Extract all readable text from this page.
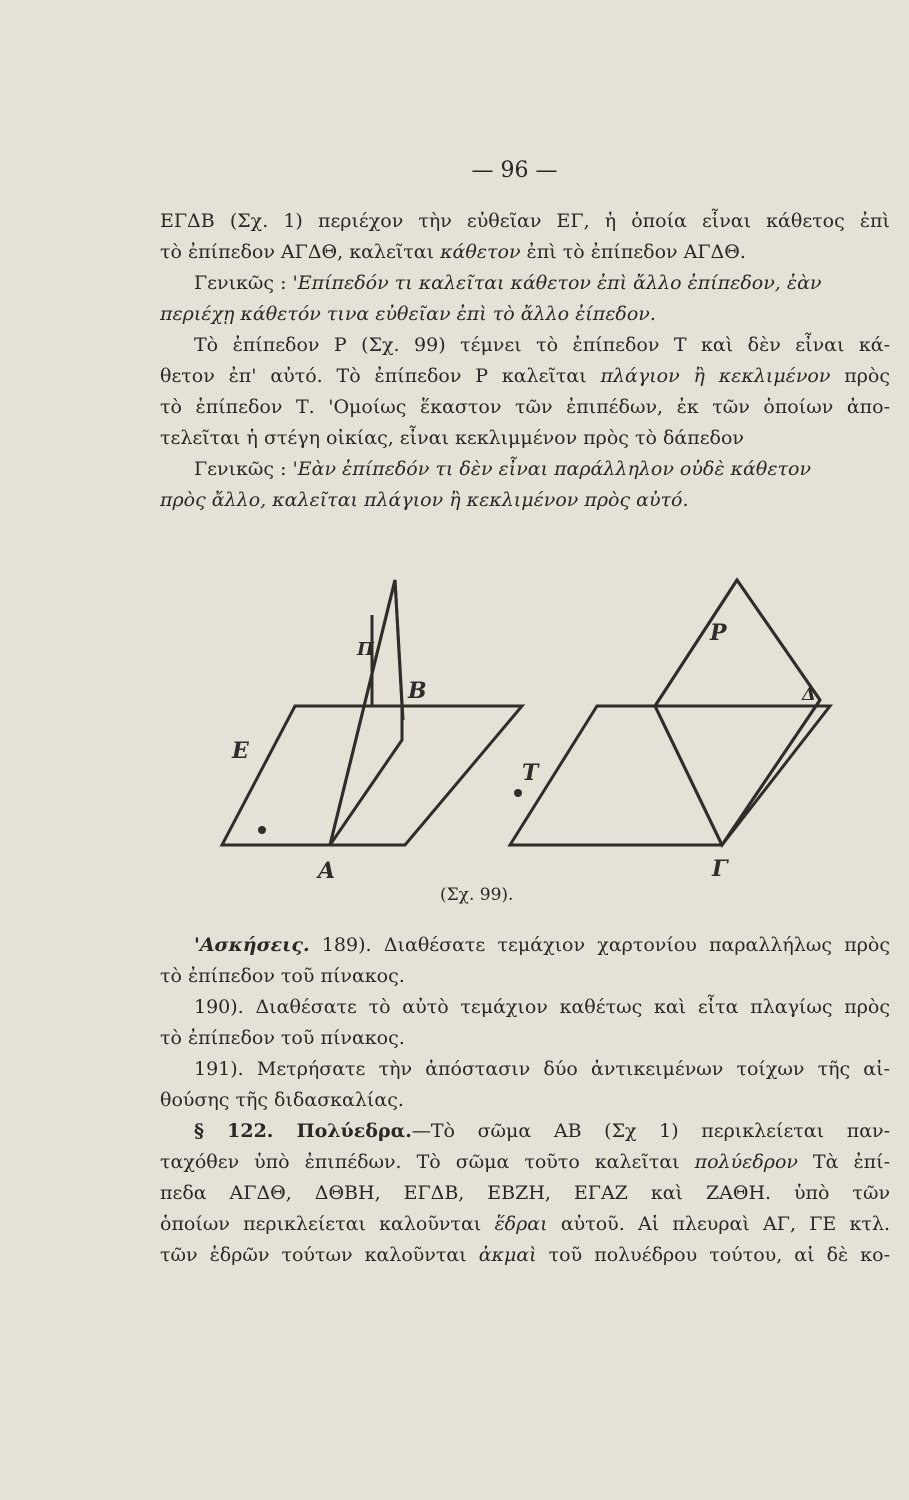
— 96 —
ΕΓΔΒ (Σχ. 1) περιέχον τὴν εὐθεῖαν ΕΓ, ἡ ὁποία εἶναι κάθετος ἐπὶ
τὸ ἐπίπεδον ΑΓΔΘ, καλεῖται κάθετον ἐπὶ τὸ ἐπίπεδον ΑΓΔΘ.
Γενικῶς : 'Επίπεδόν τι καλεῖται κάθετον ἐπὶ ἄλλο ἐπίπεδον, ἐὰν
περιέχῃ κάθετόν τινα εὐθεῖαν ἐπὶ τὸ ἄλλο ἐίπεδον.
Τὸ ἐπίπεδον Ρ (Σχ. 99) τέμνει τὸ ἐπίπεδον Τ καὶ δὲν εἶναι κά-
θετον ἐπ' αὐτό. Τὸ ἐπίπεδον Ρ καλεῖται πλάγιον ἢ κεκλιμένον πρὸς
τὸ ἐπίπεδον Τ. 'Ομοίως ἕκαστον τῶν ἐπιπέδων, ἐκ τῶν ὁποίων ἀπο-
τελεῖται ἡ στέγη οἰκίας, εἶναι κεκλιμμένον πρὸς τὸ δάπεδον
Γενικῶς : 'Εὰν ἐπίπεδόν τι δὲν εἶναι παράλληλον οὐδὲ κάθετον
πρὸς ἄλλο, καλεῖται πλάγιον ἢ κεκλιμένον πρὸς αὐτό.
Ε
Π
Β
Α
Τ
Ρ
Δ
Γ
(Σχ. 99).
'Ασκήσεις. 189). Διαθέσατε τεμάχιον χαρτονίου παραλλήλως πρὸς
τὸ ἐπίπεδον τοῦ πίνακος.
190). Διαθέσατε τὸ αὐτὸ τεμάχιον καθέτως καὶ εἶτα πλαγίως πρὸς
τὸ ἐπίπεδον τοῦ πίνακος.
191). Μετρήσατε τὴν ἀπόστασιν δύο ἀντικειμένων τοίχων τῆς αἰ-
θούσης τῆς διδασκαλίας.
§ 122. Πολύεδρα.—Τὸ σῶμα ΑΒ (Σχ 1) περικλείεται παν-
ταχόθεν ὑπὸ ἐπιπέδων. Τὸ σῶμα τοῦτο καλεῖται πολύεδρον Τὰ ἐπί-
πεδα ΑΓΔΘ, ΔΘΒΗ, ΕΓΔΒ, ΕΒΖΗ, ΕΓΑΖ καὶ ΖΑΘΗ. ὑπὸ τῶν
ὁποίων περικλείεται καλοῦνται ἕδραι αὐτοῦ. Αἱ πλευραὶ ΑΓ, ΓΕ κτλ.
τῶν ἑδρῶν τούτων καλοῦνται ἀκμαὶ τοῦ πολυέδρου τούτου, αἱ δὲ κο-
